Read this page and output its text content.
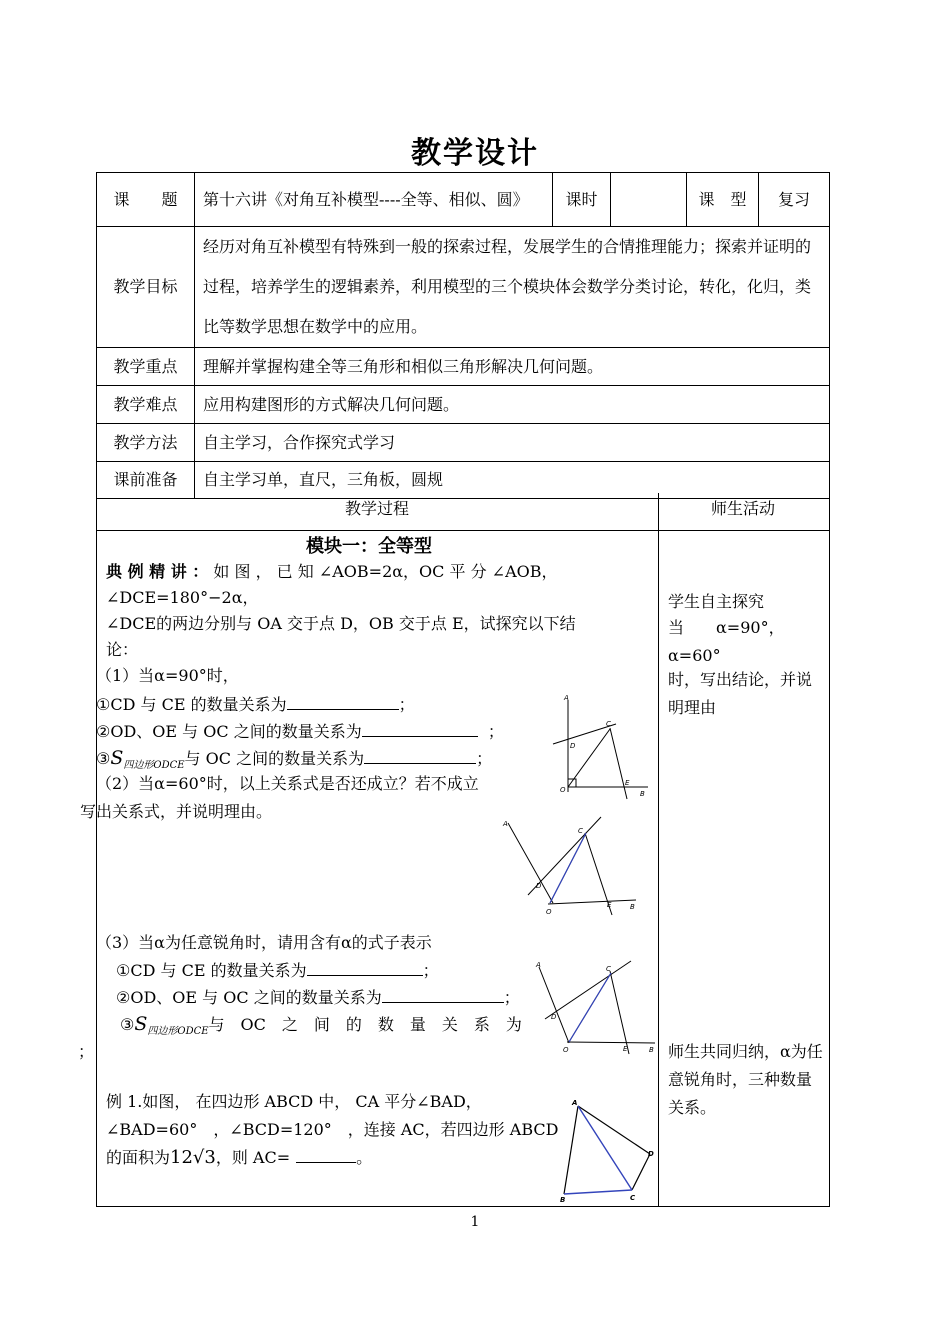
教学设计
课　　题	第十六讲《对角互补模型----全等、相似、圆》	课时		课　型	复习
教学目标	经历对角互补模型有特殊到一般的探索过程，发展学生的合情推理能力；探索并证明的过程，培养学生的逻辑素养，利用模型的三个模块体会数学分类讨论，转化，化归，类比等数学思想在数学中的应用。				
教学重点	理解并掌握构建全等三角形和相似三角形解决几何问题。				
教学难点	应用构建图形的方式解决几何问题。				
教学方法	自主学习，合作探究式学习				
课前准备	自主学习单，直尺，三角板，圆规				
教学过程	师生活动
模块一：全等型
典 例 精 讲 ： 如 图 ， 已 知 ∠AOB=2α，OC 平 分 ∠AOB，
∠DCE=180°−2α，
∠DCE的两边分别与 OA 交于点 D，OB 交于点 E，试探究以下结
论：
（1）当α=90°时，
①CD 与 CE 的数量关系为	；
②OD、OE 与 OC 之间的数量关系为	；
$③S_{四边形ODCE}$与 OC 之间的数量关系为	；
（2）当α=60°时，以上关系式是否还成立？若不成立
写出关系式，并说明理由。
（3）当α为任意锐角时，请用含有α的式子表示
①CD 与 CE 的数量关系为	；
②OD、OE 与 OC 之间的数量关系为	；
$③S_{四边形ODCE}$与　OC　之　间　的　数　量　关　系　为
；
例 1.如图， 在四边形 ABCD 中， CA 平分∠BAD，
∠BAD=60°　，∠BCD=120°　，连接 AC，若四边形 ABCD
的面积为12√3，则 AC=	。
学生自主探究
当　　α=90°，α=60°
时，写出结论，并说明理由
师生共同归纳，α为任意锐角时，三种数量关系。
A
C
D
O
E
B
A
C
D
O
E	B
A	C
D
O	E	B
A
B	C
D
1
